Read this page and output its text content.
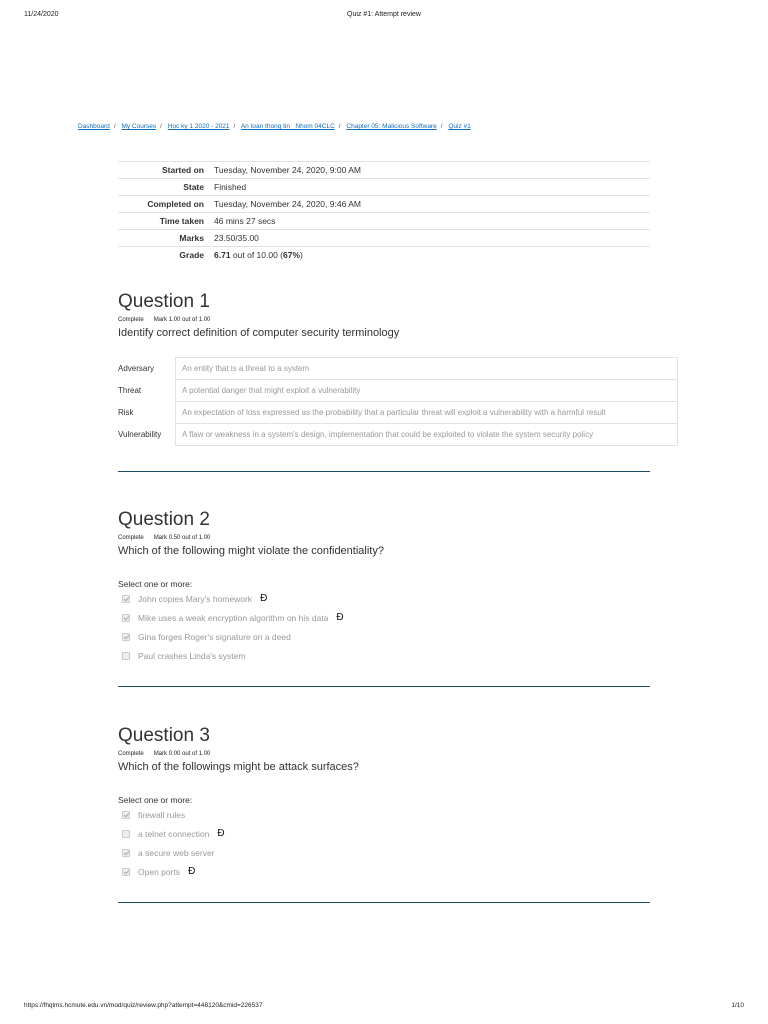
11/24/2020	Quiz #1: Attempt review
Dashboard / My Courses / Hoc ky 1 2020 - 2021 / An toan thong tin_ Nhom 04CLC / Chapter 05: Malicious Software / Quiz #1
Started on	Tuesday, November 24, 2020, 9:00 AM
State	Finished
Completed on	Tuesday, November 24, 2020, 9:46 AM
Time taken	46 mins 27 secs
Marks	23.50/35.00
Grade	6.71 out of 10.00 (67%)
Question 1
Complete Mark 1.00 out of 1.00

Identify correct definition of computer security terminology

Adversary	An entity that is a threat to a system

Threat	A potential danger that might exploit a vulnerability

Risk	An expectation of loss expressed as the probability that a particular threat will exploit a vulnerability with a harmful result

Vulnerability	A flaw or weakness in a system's design, implementation that could be exploited to violate the system security policy
Question 2
Complete Mark 0.50 out of 1.00

Which of the following might violate the confidentiality?

Select one or more:
John copies Mary's homework Đ
Mike uses a weak encryption algorithm on his data Đ
Gina forges Roger's signature on a deed
Paul crashes Linda's system
Question 3
Complete Mark 0.00 out of 1.00

Which of the followings might be attack surfaces?

Select one or more:
firewall rules
a telnet connection Đ
a secure web server
Open ports Đ
https://fhqlms.hcmute.edu.vn/mod/quiz/review.php?attempt=448120&cmid=226537	1/10
